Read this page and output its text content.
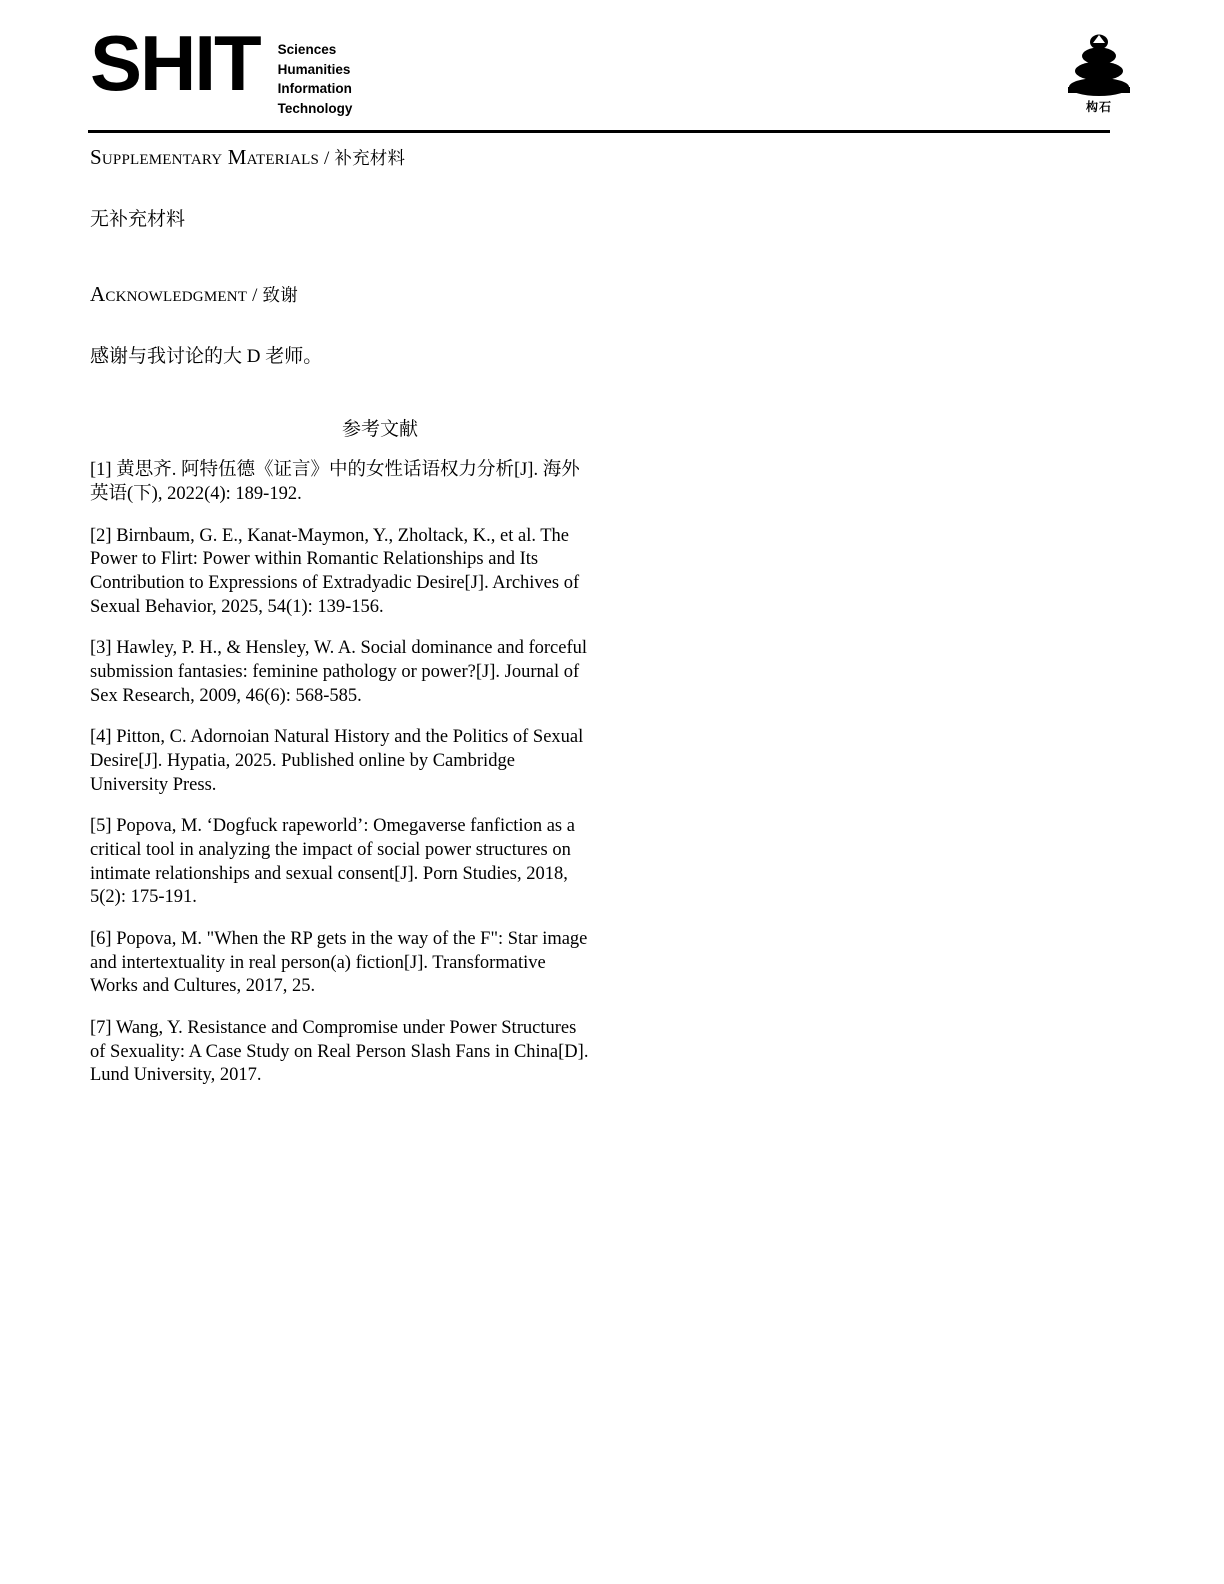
SHIT Sciences
Humanities
Information
Technology	构石
Supplementary Materials / 补充材料
无补充材料
Acknowledgment / 致谢
感谢与我讨论的大 D 老师。
参考文献
[1] 黄思齐. 阿特伍德《证言》中的女性话语权力分析[J]. 海外英语(下), 2022(4): 189-192.
[2] Birnbaum, G. E., Kanat-Maymon, Y., Zholtack, K., et al. The Power to Flirt: Power within Romantic Relationships and Its Contribution to Expressions of Extradyadic Desire[J]. Archives of Sexual Behavior, 2025, 54(1): 139-156.
[3] Hawley, P. H., & Hensley, W. A. Social dominance and forceful submission fantasies: feminine pathology or power?[J]. Journal of Sex Research, 2009, 46(6): 568-585.
[4] Pitton, C. Adornoian Natural History and the Politics of Sexual Desire[J]. Hypatia, 2025. Published online by Cambridge University Press.
[5] Popova, M. ‘Dogfuck rapeworld’: Omegaverse fanfiction as a critical tool in analyzing the impact of social power structures on intimate relationships and sexual consent[J]. Porn Studies, 2018, 5(2): 175-191.
[6] Popova, M. "When the RP gets in the way of the F": Star image and intertextuality in real person(a) fiction[J]. Transformative Works and Cultures, 2017, 25.
[7] Wang, Y. Resistance and Compromise under Power Structures of Sexuality: A Case Study on Real Person Slash Fans in China[D]. Lund University, 2017.
